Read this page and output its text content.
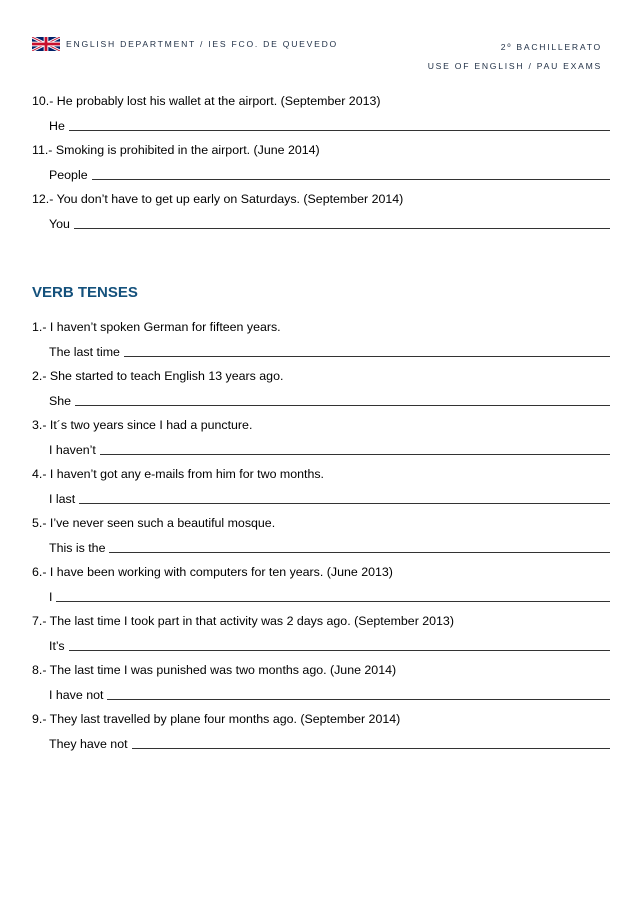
ENGLISH DEPARTMENT / IES FCO. DE QUEVEDO	2º BACHILLERATO
USE OF ENGLISH / PAU EXAMS
10.- He probably lost his wallet at the airport. (September 2013)
He
11.- Smoking is prohibited in the airport. (June 2014)
People
12.- You don’t have to get up early on Saturdays. (September 2014)
You
VERB TENSES
1.- I haven’t spoken German for fifteen years.
The last time
2.- She started to teach English 13 years ago.
She
3.- It´s two years since I had a puncture.
I haven’t
4.- I haven’t got any e-mails from him for two months.
I last
5.- I’ve never seen such a beautiful mosque.
This is the
6.- I have been working with computers for ten years. (June 2013)
I
7.- The last time I took part in that activity was 2 days ago. (September 2013)
It’s
8.- The last time I was punished was two months ago. (June 2014)
I have not
9.- They last travelled by plane four months ago. (September 2014)
They have not
